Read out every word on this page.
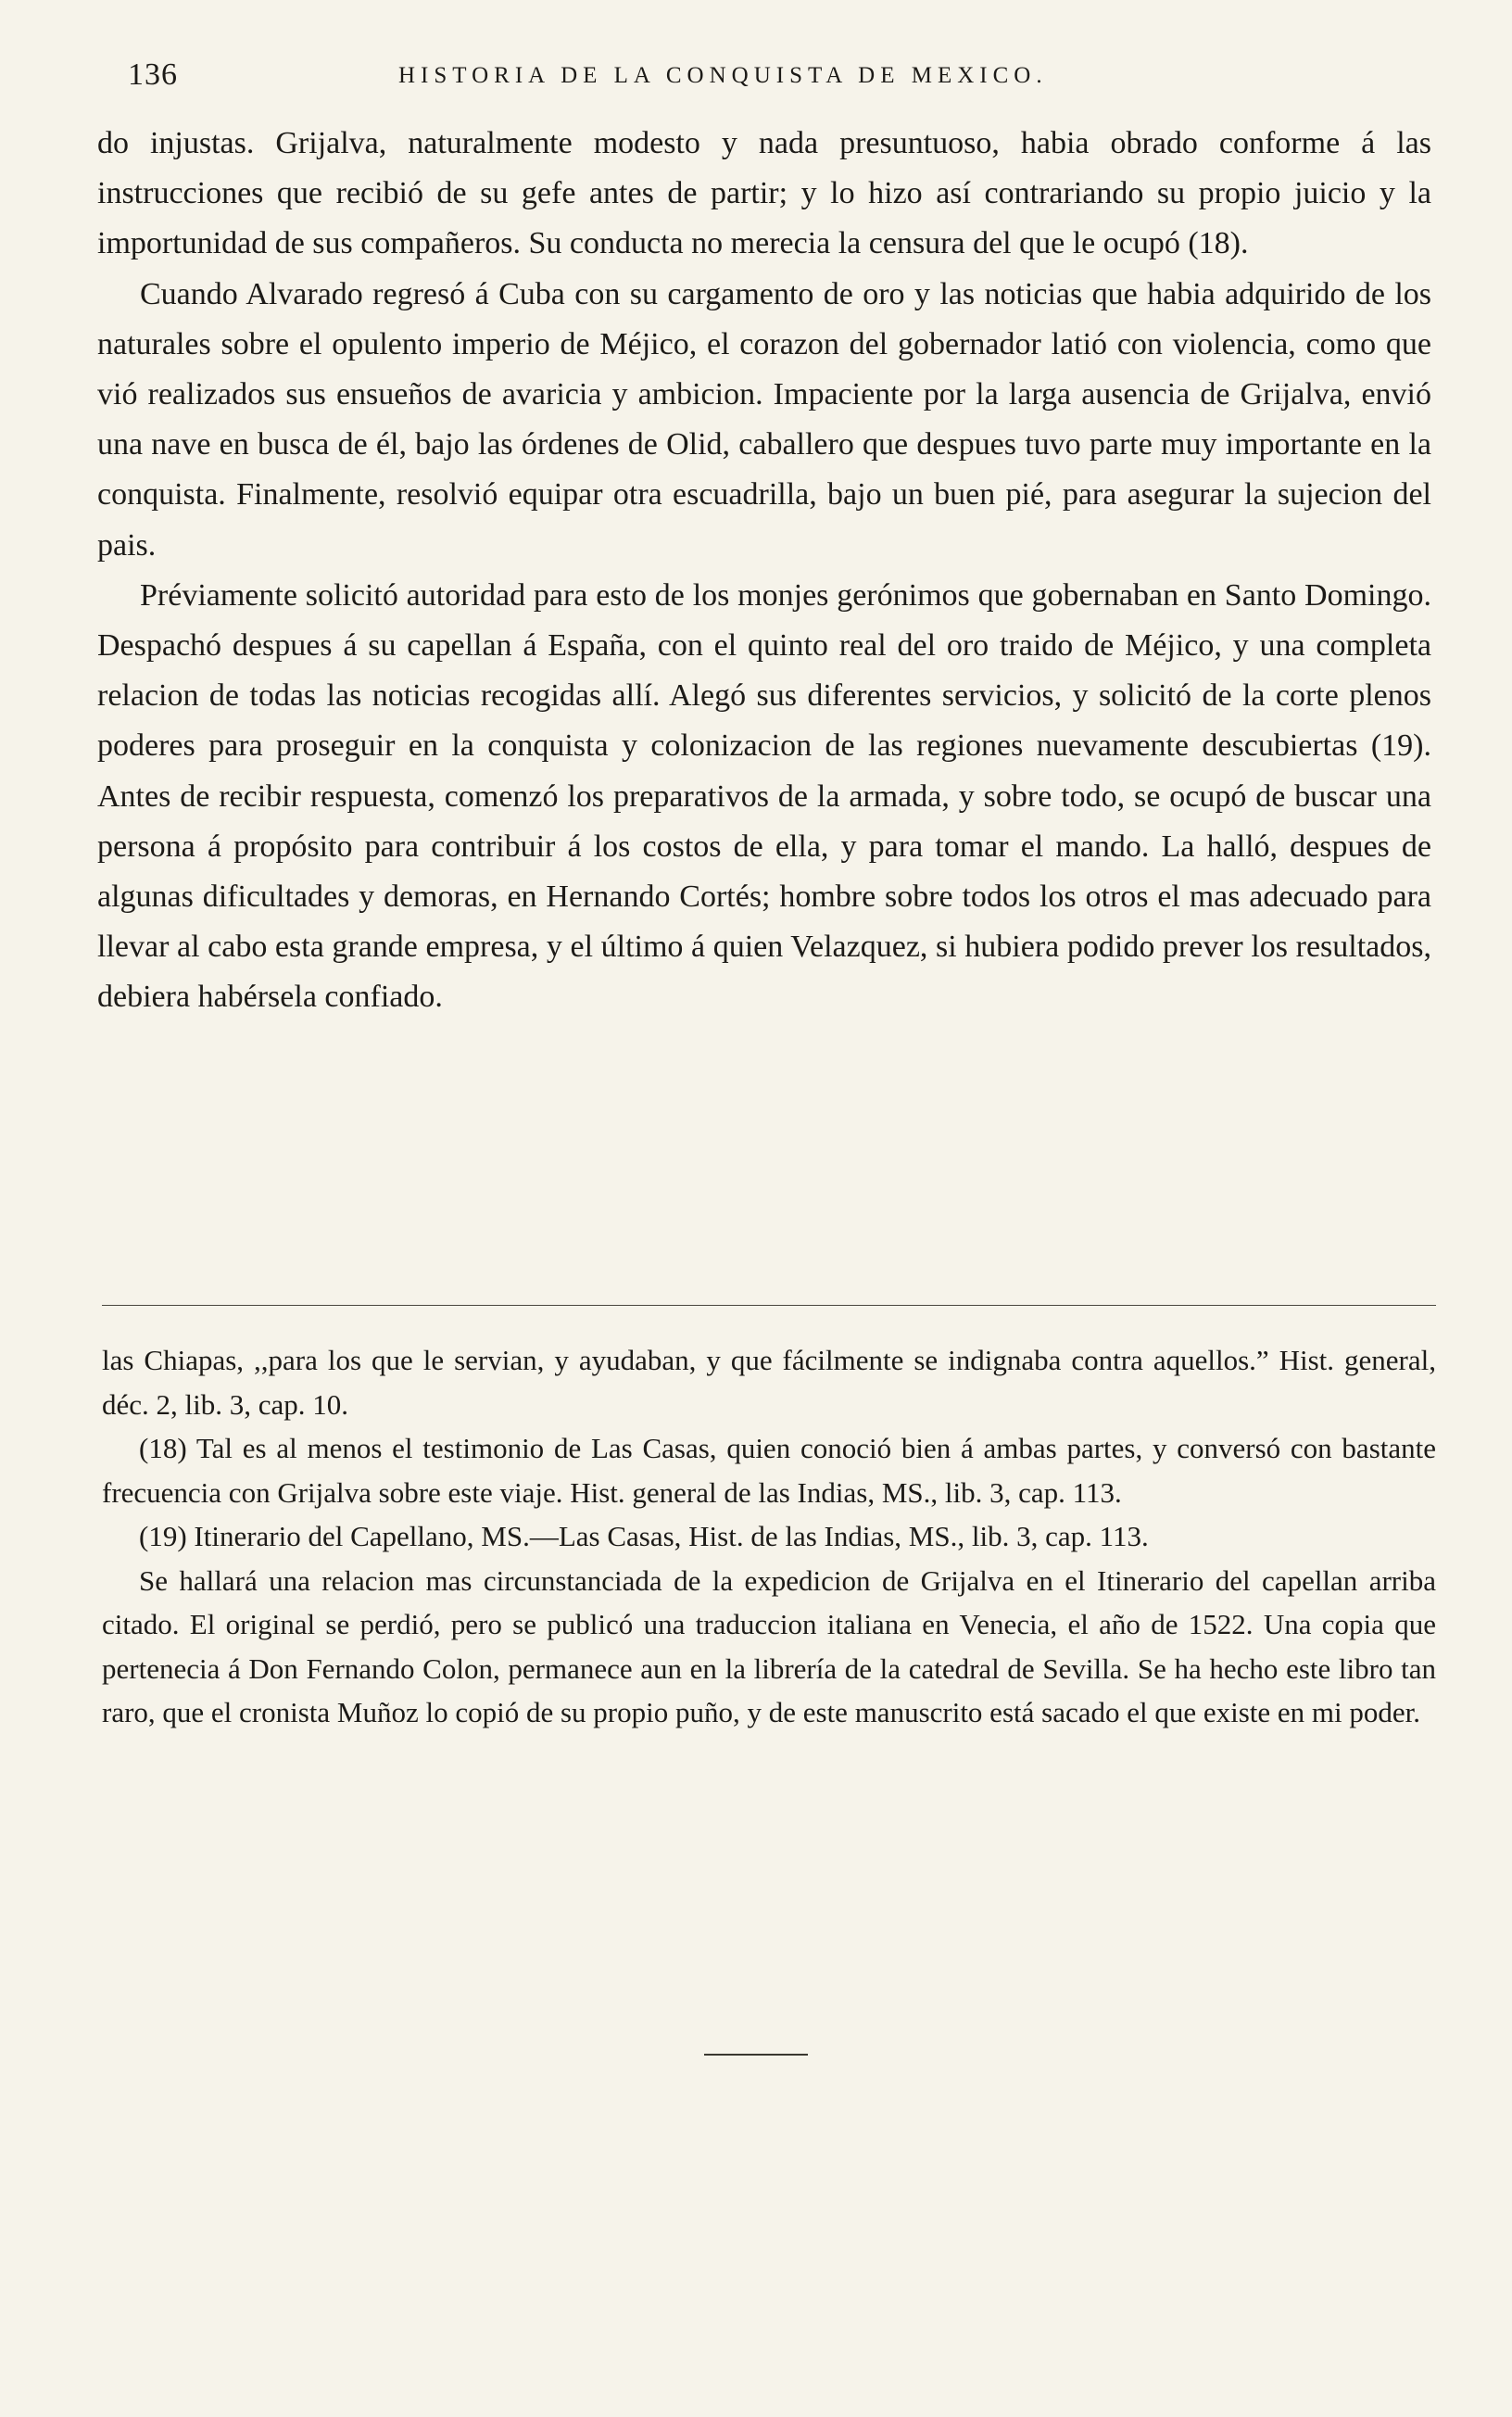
136	HISTORIA DE LA CONQUISTA DE MEXICO.

do injustas. Grijalva, naturalmente modesto y nada presuntuoso, habia obrado conforme á las instrucciones que recibió de su gefe antes de partir; y lo hizo así contrariando su propio juicio y la importunidad de sus compañeros. Su conducta no merecia la censura del que le ocupó (18).

Cuando Alvarado regresó á Cuba con su cargamento de oro y las noticias que habia adquirido de los naturales sobre el opulento imperio de Méjico, el corazon del gobernador latió con violencia, como que vió realizados sus ensueños de avaricia y ambicion. Impaciente por la larga ausencia de Grijalva, envió una nave en busca de él, bajo las órdenes de Olid, caballero que despues tuvo parte muy importante en la conquista. Finalmente, resolvió equipar otra escuadrilla, bajo un buen pié, para asegurar la sujecion del pais.

Préviamente solicitó autoridad para esto de los monjes gerónimos que gobernaban en Santo Domingo. Despachó despues á su capellan á España, con el quinto real del oro traido de Méjico, y una completa relacion de todas las noticias recogidas allí. Alegó sus diferentes servicios, y solicitó de la corte plenos poderes para proseguir en la conquista y colonizacion de las regiones nuevamente descubiertas (19). Antes de recibir respuesta, comenzó los preparativos de la armada, y sobre todo, se ocupó de buscar una persona á propósito para contribuir á los costos de ella, y para tomar el mando. La halló, despues de algunas dificultades y demoras, en Hernando Cortés; hombre sobre todos los otros el mas adecuado para llevar al cabo esta grande empresa, y el último á quien Velazquez, si hubiera podido prever los resultados, debiera habérsela confiado.

las Chiapas, ,,para los que le servian, y ayudaban, y que fácilmente se indignaba contra aquellos.” Hist. general, déc. 2, lib. 3, cap. 10.

(18) Tal es al menos el testimonio de Las Casas, quien conoció bien á ambas partes, y conversó con bastante frecuencia con Grijalva sobre este viaje. Hist. general de las Indias, MS., lib. 3, cap. 113.

(19) Itinerario del Capellano, MS.—Las Casas, Hist. de las Indias, MS., lib. 3, cap. 113.

Se hallará una relacion mas circunstanciada de la expedicion de Grijalva en el Itinerario del capellan arriba citado. El original se perdió, pero se publicó una traduccion italiana en Venecia, el año de 1522. Una copia que pertenecia á Don Fernando Colon, permanece aun en la librería de la catedral de Sevilla. Se ha hecho este libro tan raro, que el cronista Muñoz lo copió de su propio puño, y de este manuscrito está sacado el que existe en mi poder.
